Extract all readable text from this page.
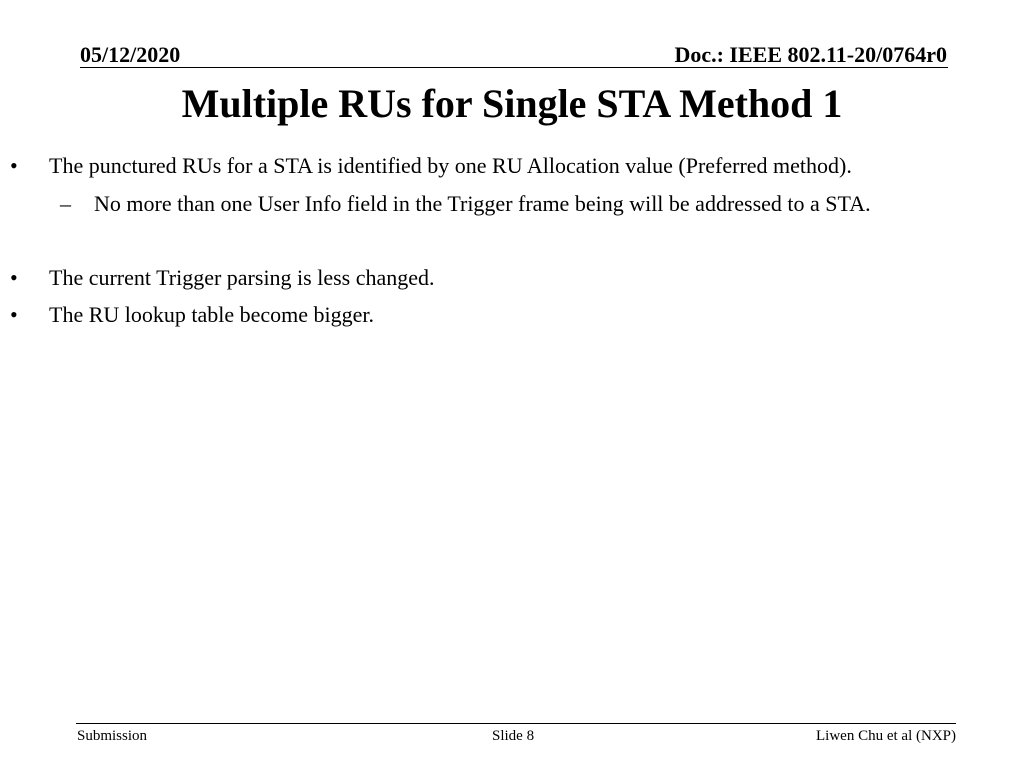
05/12/2020	Doc.: IEEE 802.11-20/0764r0
Multiple RUs for Single STA Method 1
• The punctured RUs for a STA is identified by one RU Allocation value (Preferred method).
– No more than one User Info field in the Trigger frame being will be addressed to a STA.
• The current Trigger parsing is less changed.
• The RU lookup table become bigger.
Submission	Slide 8	Liwen Chu et al (NXP)
